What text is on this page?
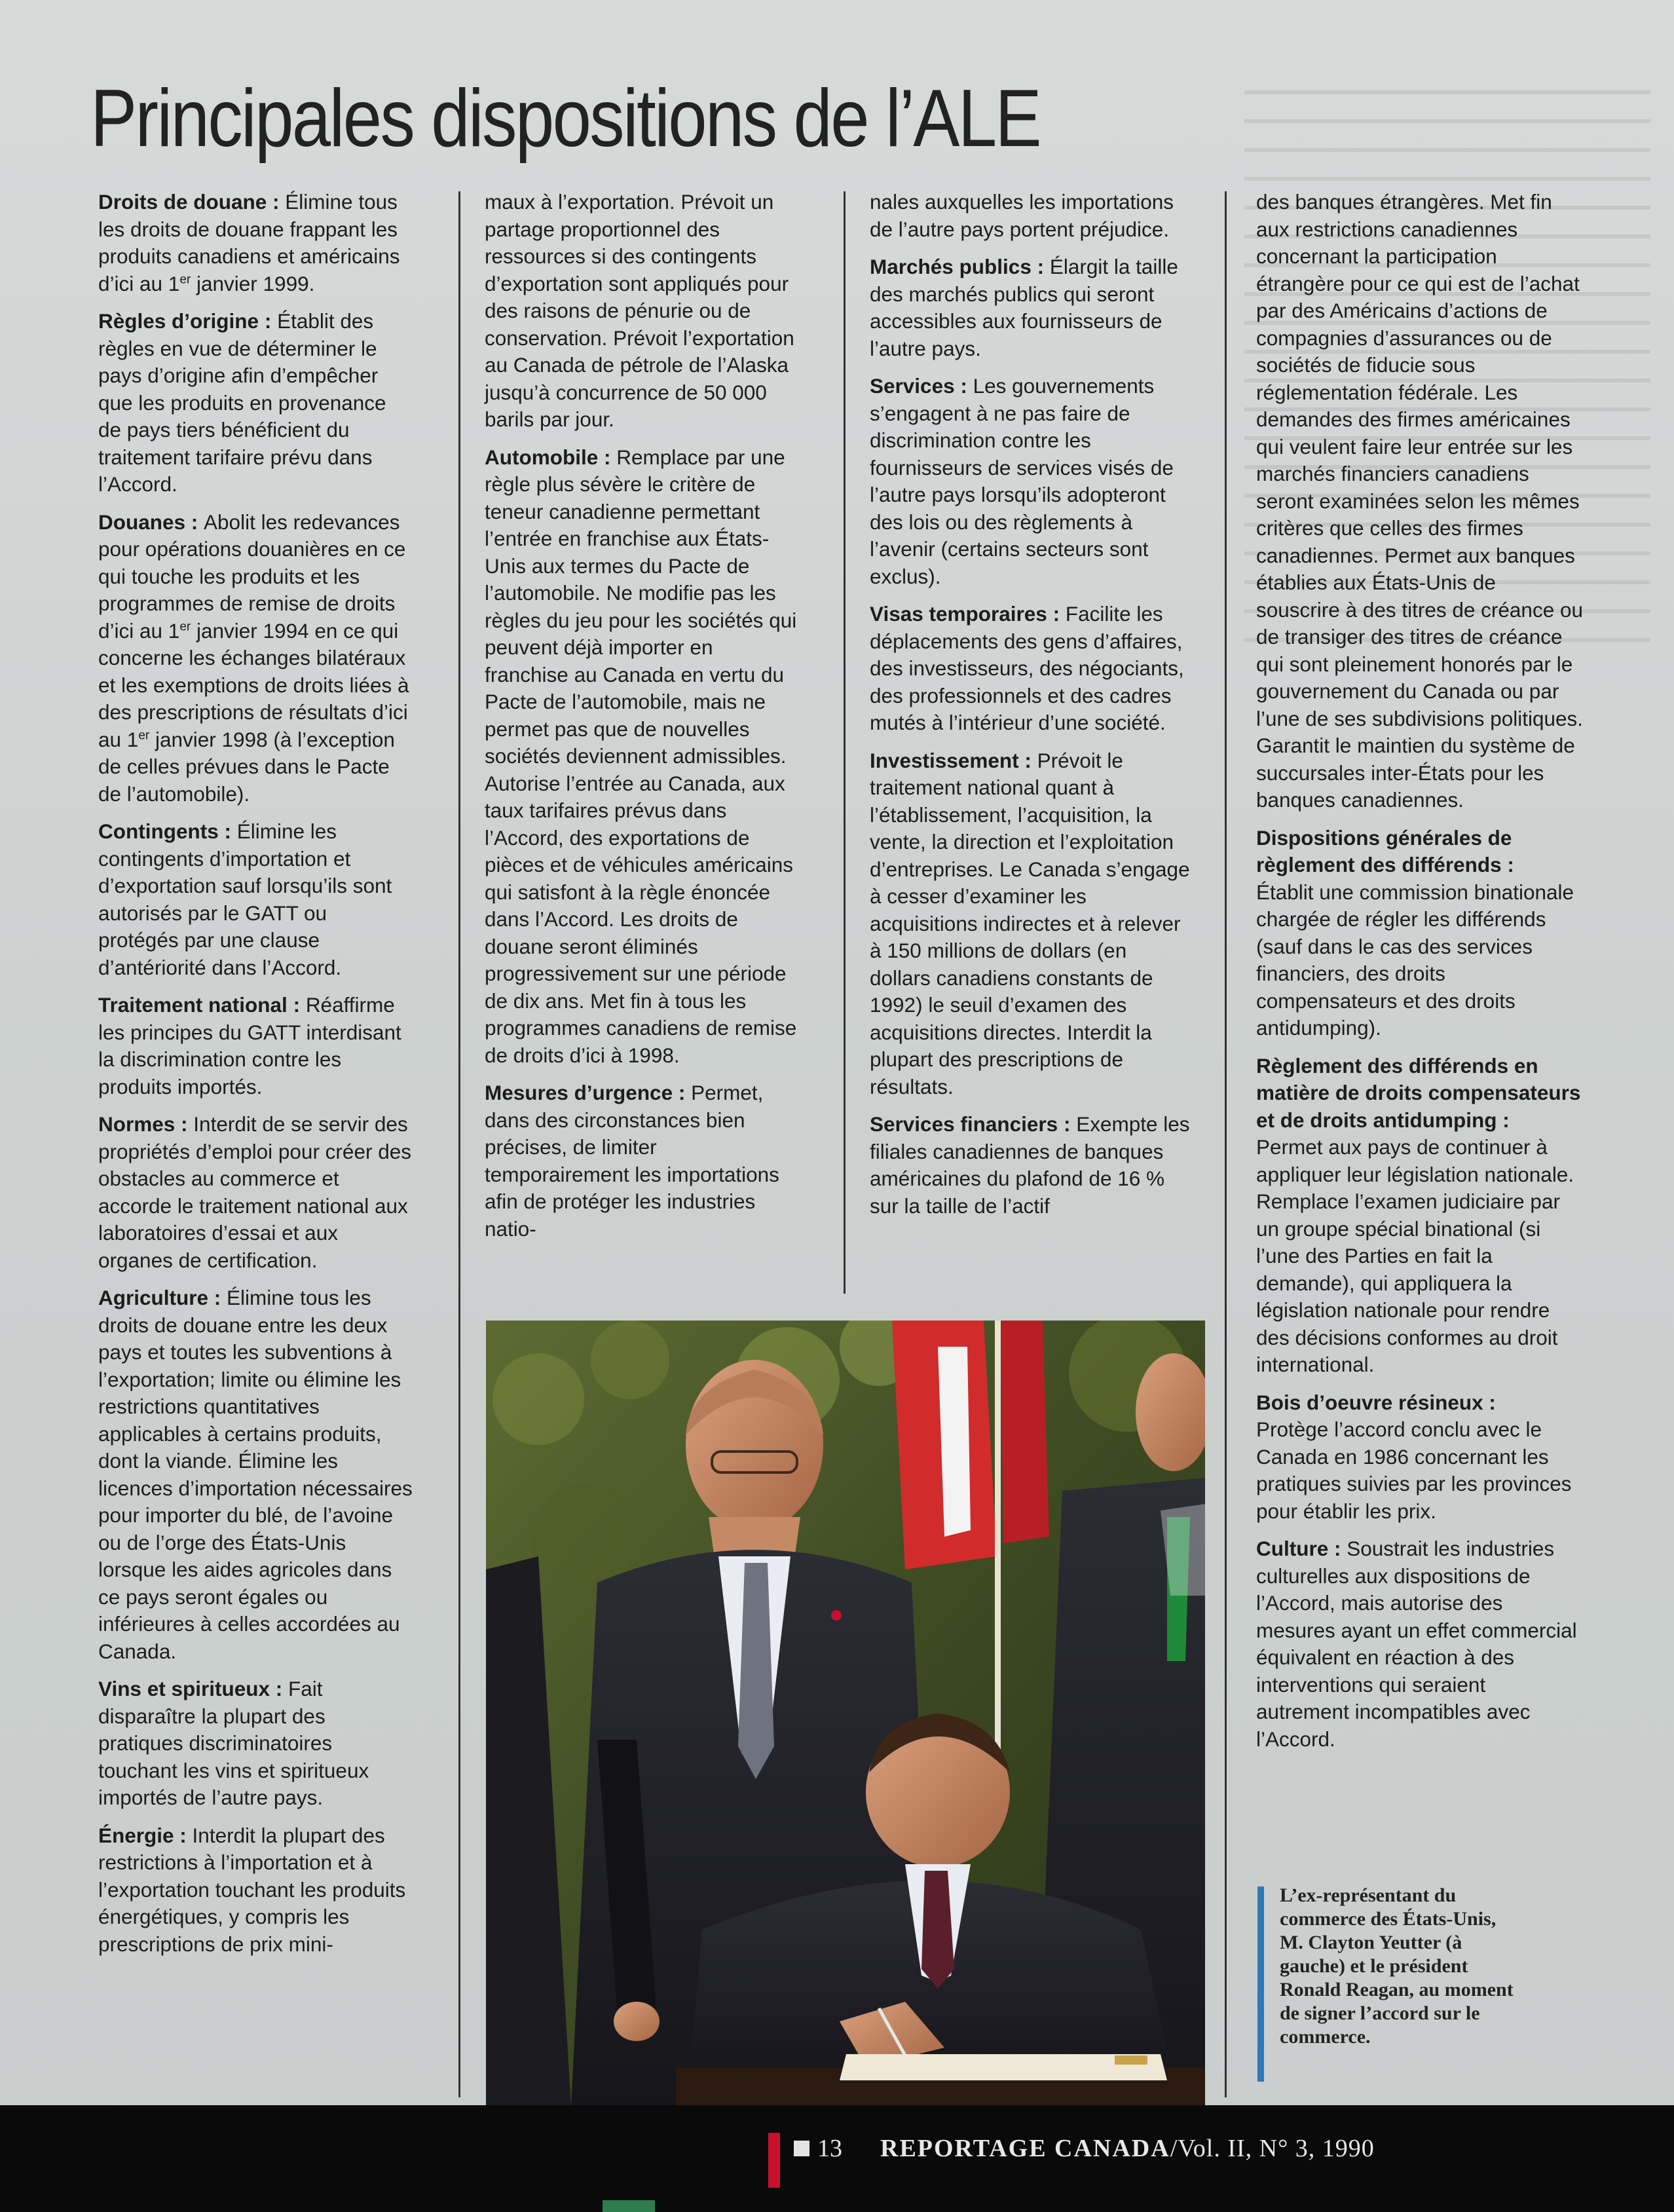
Principales dispositions de l’ALE

Droits de douane : Élimine tous les droits de douane frappant les produits canadiens et américains d’ici au 1er janvier 1999.

Règles d’origine : Établit des règles en vue de déterminer le pays d’origine afin d’empêcher que les produits en provenance de pays tiers bénéficient du traitement tarifaire prévu dans l’Accord.

Douanes : Abolit les redevances pour opérations douanières en ce qui touche les produits et les programmes de remise de droits d’ici au 1er janvier 1994 en ce qui concerne les échanges bilatéraux et les exemptions de droits liées à des prescriptions de résultats d’ici au 1er janvier 1998 (à l’exception de celles prévues dans le Pacte de l’automobile).

Contingents : Élimine les contingents d’importation et d’exportation sauf lorsqu’ils sont autorisés par le GATT ou protégés par une clause d’antériorité dans l’Accord.

Traitement national : Réaffirme les principes du GATT interdisant la discrimination contre les produits importés.

Normes : Interdit de se servir des propriétés d’emploi pour créer des obstacles au commerce et accorde le traitement national aux laboratoires d’essai et aux organes de certification.

Agriculture : Élimine tous les droits de douane entre les deux pays et toutes les subventions à l’exportation; limite ou élimine les restrictions quantitatives applicables à certains produits, dont la viande. Élimine les licences d’importation nécessaires pour importer du blé, de l’avoine ou de l’orge des États-Unis lorsque les aides agricoles dans ce pays seront égales ou inférieures à celles accordées au Canada.

Vins et spiritueux : Fait disparaître la plupart des pratiques discriminatoires touchant les vins et spiritueux importés de l’autre pays.

Énergie : Interdit la plupart des restrictions à l’importation et à l’exportation touchant les produits énergétiques, y compris les prescriptions de prix mini-

maux à l’exportation. Prévoit un partage proportionnel des ressources si des contingents d’exportation sont appliqués pour des raisons de pénurie ou de conservation. Prévoit l’exportation au Canada de pétrole de l’Alaska jusqu’à concurrence de 50 000 barils par jour.

Automobile : Remplace par une règle plus sévère le critère de teneur canadienne permettant l’entrée en franchise aux États-Unis aux termes du Pacte de l’automobile. Ne modifie pas les règles du jeu pour les sociétés qui peuvent déjà importer en franchise au Canada en vertu du Pacte de l’automobile, mais ne permet pas que de nouvelles sociétés deviennent admissibles. Autorise l’entrée au Canada, aux taux tarifaires prévus dans l’Accord, des exportations de pièces et de véhicules américains qui satisfont à la règle énoncée dans l’Accord. Les droits de douane seront éliminés progressivement sur une période de dix ans. Met fin à tous les programmes canadiens de remise de droits d’ici à 1998.

Mesures d’urgence : Permet, dans des circonstances bien précises, de limiter temporairement les importations afin de protéger les industries natio-

nales auxquelles les importations de l’autre pays portent préjudice.

Marchés publics : Élargit la taille des marchés publics qui seront accessibles aux fournisseurs de l’autre pays.

Services : Les gouvernements s’engagent à ne pas faire de discrimination contre les fournisseurs de services visés de l’autre pays lorsqu’ils adopteront des lois ou des règlements à l’avenir (certains secteurs sont exclus).

Visas temporaires : Facilite les déplacements des gens d’affaires, des investisseurs, des négociants, des professionnels et des cadres mutés à l’intérieur d’une société.

Investissement : Prévoit le traitement national quant à l’établissement, l’acquisition, la vente, la direction et l’exploitation d’entreprises. Le Canada s’engage à cesser d’examiner les acquisitions indirectes et à relever à 150 millions de dollars (en dollars canadiens constants de 1992) le seuil d’examen des acquisitions directes. Interdit la plupart des prescriptions de résultats.

Services financiers : Exempte les filiales canadiennes de banques américaines du plafond de 16 % sur la taille de l’actif

des banques étrangères. Met fin aux restrictions canadiennes concernant la participation étrangère pour ce qui est de l’achat par des Américains d’actions de compagnies d’assurances ou de sociétés de fiducie sous réglementation fédérale. Les demandes des firmes américaines qui veulent faire leur entrée sur les marchés financiers canadiens seront examinées selon les mêmes critères que celles des firmes canadiennes. Permet aux banques établies aux États-Unis de souscrire à des titres de créance ou de transiger des titres de créance qui sont pleinement honorés par le gouvernement du Canada ou par l’une de ses subdivisions politiques. Garantit le maintien du système de succursales inter-États pour les banques canadiennes.

Dispositions générales de règlement des différends :
Établit une commission binationale chargée de régler les différends (sauf dans le cas des services financiers, des droits compensateurs et des droits antidumping).

Règlement des différends en matière de droits compensateurs et de droits antidumping :
Permet aux pays de continuer à appliquer leur législation nationale. Remplace l’examen judiciaire par un groupe spécial binational (si l’une des Parties en fait la demande), qui appliquera la législation nationale pour rendre des décisions conformes au droit international.

Bois d’oeuvre résineux :
Protège l’accord conclu avec le Canada en 1986 concernant les pratiques suivies par les provinces pour établir les prix.

Culture : Soustrait les industries culturelles aux dispositions de l’Accord, mais autorise des mesures ayant un effet commercial équivalent en réaction à des interventions qui seraient autrement incompatibles avec l’Accord.

L’ex-représentant du commerce des États-Unis, M. Clayton Yeutter (à gauche) et le président Ronald Reagan, au moment de signer l’accord sur le commerce.
13 REPORTAGE CANADA/Vol. II, N° 3, 1990
